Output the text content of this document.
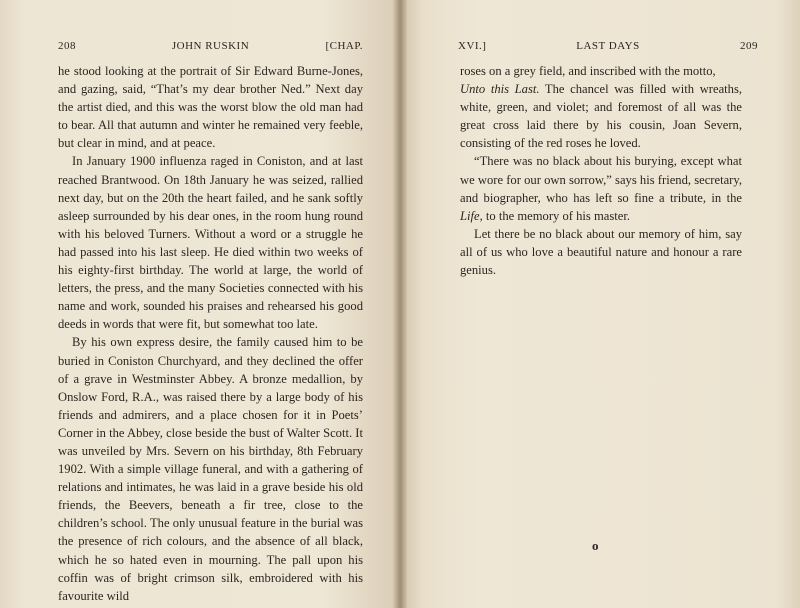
208	JOHN RUSKIN	[CHAP.

he stood looking at the portrait of Sir Edward Burne-Jones, and gazing, said, “That’s my dear brother Ned.” Next day the artist died, and this was the worst blow the old man had to bear. All that autumn and winter he remained very feeble, but clear in mind, and at peace.

In January 1900 influenza raged in Coniston, and at last reached Brantwood. On 18th January he was seized, rallied next day, but on the 20th the heart failed, and he sank softly asleep surrounded by his dear ones, in the room hung round with his beloved Turners. Without a word or a struggle he had passed into his last sleep. He died within two weeks of his eighty-first birthday. The world at large, the world of letters, the press, and the many Societies connected with his name and work, sounded his praises and rehearsed his good deeds in words that were fit, but somewhat too late.

By his own express desire, the family caused him to be buried in Coniston Churchyard, and they declined the offer of a grave in Westminster Abbey. A bronze medallion, by Onslow Ford, R.A., was raised there by a large body of his friends and admirers, and a place chosen for it in Poets’ Corner in the Abbey, close beside the bust of Walter Scott. It was unveiled by Mrs. Severn on his birthday, 8th February 1902. With a simple village funeral, and with a gathering of relations and intimates, he was laid in a grave beside his old friends, the Beevers, beneath a fir tree, close to the children’s school. The only unusual feature in the burial was the presence of rich colours, and the absence of all black, which he so hated even in mourning. The pall upon his coffin was of bright crimson silk, embroidered with his favourite wild

XVI.]	LAST DAYS	209

roses on a grey field, and inscribed with the motto,
Unto this Last. The chancel was filled with wreaths, white, green, and violet; and foremost of all was the great cross laid there by his cousin, Joan Severn, consisting of the red roses he loved.

“There was no black about his burying, except what we wore for our own sorrow,” says his friend, secretary, and biographer, who has left so fine a tribute, in the Life, to the memory of his master.

Let there be no black about our memory of him, say all of us who love a beautiful nature and honour a rare genius.

o
